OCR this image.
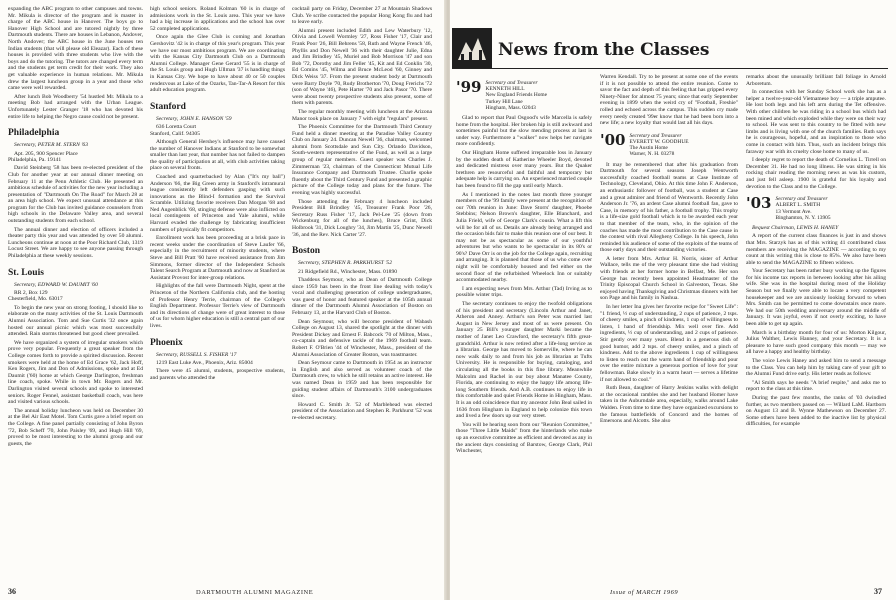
expanding the ABC program to other campuses and towns. Mr. Mikula is director of the program and is master in charge of the ABC house in Hanover. The boys go to Hanover High School and are tutored nightly by three Dartmouth students. There are houses in Lebanon, Andover, North Andover; the ABC house in the June houses ten Indian students (that will please old Eleazar). Each of these houses is provided with three students who live with the boys and do the tutoring. The tutors are changed every term and the students get term credit for their work. They also get valuable experience in human relations. Mr. Mikula drew the largest luncheon group in a year and those who came were well rewarded.

After lunch Bob Woodberry '54 hustled Mr. Mikula to a meeting Bob had arranged with the Urban League. Unfortunately Lester Granger '18 who has devoted his entire life to helping the Negro cause could not be present.

Philadelphia

Secretary, PETER M. STERN '63

Apt. 205, 900 Spencer Place
Philadelphia, Pa. 19141

David Steinberg '58 has been re-elected president of the Club for another year at our annual dinner meeting on February 11 at the Penn Athletic Club. He presented an ambitious schedule of activities for the new year including a presentation of "Dartmouth On The Road" for March 28 at an area high school. We expect unusual attendance at this program for the Club has invited guidance counselors from high schools in the Delaware Valley area, and several outstanding students from each school.

The annual dinner and election of officers included a theater party this year and was attended by over 50 alumni. Luncheons continue at noon at the Poor Richard Club, 1319 Locust Street. We are happy to see anyone passing through Philadelphia at these weekly sessions.

St. Louis

Secretary, EDWARD W. DAUMIT '60

RR 2, Box 129
Chesterfield, Mo. 63017

To begin the new year on strong footing, I should like to elaborate on the many activities of the St. Louis Dartmouth Alumni Association. Tom and Sue Curtis '32 once again hosted our annual picnic which was most successfully attended. Rain storms threatened but good cheer prevailed.

We have organized a system of irregular smokers which prove very popular. Frequently a great speaker from the College comes forth to provide a spirited discussion. Recent smokers were held at the home of Ed Grace '62, Jack Hoff, Ken Rogers, Jim and Don of Admissions, spoke and at Ed Daumit ('60) home at which George Darlington, freshman line coach, spoke. While in town Mr. Rogers and Mr. Darlington visited several schools and spoke to interested seniors. Roger Fennel, assistant basketball coach, was here and visited various schools.

The annual holiday luncheon was held on December 30 at the Bel Air East Motel. Tom Curtis gave a brief report on the College. A fine panel partially consisting of John Byron '72, Bob Scheff '70, John Paisley '69, and Hugh Hill '69, proved to be most interesting to the alumni group and our guests, the

high school seniors. Roland Kolman '60 is in charge of admissions work in the St. Louis area. This year we have had a big increase in applications and the school has over 52 completed applications.

Once again the Glee Club is coming and Jonathan Gershovitz '42 is in charge of this year's program. This year we have our most ambitious program. We are coordinating with the Kansas City Dartmouth Club on a Dartmouth Alumni College. Manager Gene Gerard '55 is in charge of the St. Louis group and Hugh Ullman '37 is handling things in Kansas City. We hope to have about 40 or 50 couples rendezvous at Lake of the Ozarks, Tan-Tar-A Resort for this adult education program.

Stanford

Secretary, JOHN E. HANSON '59

636 Loretta Court
Stanford, Calif. 94305

Although General Hershey's influence may have caused the number of Hanover Indians at Stanford to be somewhat smaller than last year, that number has not failed to dampen the quality of participation at all, with club activities taking place on several fronts.

Coached and quarterbacked by Alan ("It's my ball") Anderson '66, the Big Green army in Stanford's intramural league consistently left defenders gasping with such innovations as the Blind-I formation and the Survival Scramble. Utilizing favorite receivers Dan Morgan '68 and Ned Augenblick '68, stinging defense were also inflicted on local contingents of Princeton and Yale alumni, while Harvard evaded the challenge by fabricating insufficient numbers of physically fit competitors.

Enrollment work has been proceeding at a brisk pace in recent weeks under the coordination of Steve Laufer '66, especially in the recruitment of minority students, where Steve and Bill Pratt '60 have received assistance from Jim Simmons, former director of the Independent Schools Talent Search Program at Dartmouth and now at Stanford as Assistant Provost for inter-group relations.

Highlights of the fall were Dartmouth Night, spent at the Princeton of the Northern California club, and the hosting of Professor Henry Terrie, chairman of the College's English Department. Professor Terrie's view of Dartmouth and its directions of change were of great interest to those of us for whom higher education is still a central part of our lives.

Phoenix

Secretary, RUSSELL S. FISHER '17

1219 East Luke Ave., Phoenix, Ariz. 85004

There were 45 alumni, students, prospective students, and parents who attended the

cocktail party on Friday, December 27 at Mountain Shadows Club. Ye scribe contacted the popular Hong Kong flu and had to leave early.

Alumni present included Edith and Lew Waterbury '12, Olivia and Lowell Wormley '27, Ross Fisher '17, Clair and Frank Poor '26, Bill Behrens '58, Ruth and Wayne French '46, Phyllis and Don Newell '36 with their daughter Julie, Edna and Jim Brindley '45, Muriel and Bob Morrison '47 and son Bob '72, Dorothy and Jim Feller '45, Kit and Ed Conklin '30, Ed Comins '45, Wilma and Bruce McLeod '60, Ginney and Dick Weiss '37. From the present student body at Dartmouth were Barry Doyle '70, Rudy Brotherton '70, Doug Frerichs '72 (son of Wayne '46), Pete Harter '70 and Jack Pasor '70. There were about twenty prospective students also present, some of them with parents.

The regular monthly meeting with luncheon at the Arizona Manor took place on January 7 with eight "regulars" present.

The Phoenix Committee for the Dartmouth Third Century Fund held a dinner meeting at the Paradise Valley Country Club on January 24. Duncan Newell '36, chairman, welcomed alumni from Scottsdale and Sun City. Orlando Davidson, South-western representative of the Fund, as well as a large group of regular members. Guest speaker was Charles J. Zimmerman '23, chairman of the Connecticut Mutual Life Insurance Company and Dartmouth Trustee. Charlie spoke fluently about the Third Century Fund and presented a graphic picture of the College today and plans for the future. The evening was highly successful.

Those attending the February 4 luncheon included President Bill Brindley '45, Treasurer Frank Poor '26, Secretary Russ Fisher '17, Jack Pel-Lee '25 (down from Wickenburg for all of the lunches), Bruce Grint, Dick Holbrook '31, Dick Loughry '34, Jim Martin '25, Dunc Newell '36, and the Rev. Nick Carter '27.

Boston

Secretary, STEPHEN R. PARKHURST '52

21 Ridgefield Rd., Winchester, Mass. 01890

Thaddeus Seymour, who as Dean of Dartmouth College since 1959 has been in the front line dealing with today's vocal and challenging generation of college undergraduates, was guest of honor and featured speaker at the 105th annual dinner of the Dartmouth Alumni Association of Boston on February 13, at the Harvard Club of Boston.

Dean Seymour, who will become president of Wabash College on August 13, shared the spotlight at the dinner with President Dickey and Ernest F. Babcock '70 of Milton, Mass., co-captain and defensive tackle of the 1969 football team. Robert F. O'Brien '44 of Winchester, Mass., president of the Alumni Association of Greater Boston, was toastmaster.

Dean Seymour came to Dartmouth in 1954 as an instructor in English and also served as volunteer coach of the Dartmouth crew, to which he still retains an active interest. He was named Dean in 1959 and has been responsible for guiding student affairs of Dartmouth's 3100 undergraduates since.

Howard C. Smith Jr. '52 of Marblehead was elected president of the Association and Stephen R. Parkhurst '52 was re-elected secretary.

36	DARTMOUTH ALUMNI MAGAZINE
News from the Classes
'99 Secretary and Treasurer
KENNETH HILL
New England Friends Home
Turkey Hill Lane
Hingham, Mass. 02043

Glad to report that Paul Osgood's wife Marcella is safely home from the hospital. Her broken hip is still awkward and sometimes painful but the slow mending process at last is under way. Furthermore a "walker" now helps her navigate more confidently.

Our Hingham Home suffered irreparable loss in January by the sudden death of Katherine Wheeler Boyd, devoted and dedicated mistress over many years. But the Quaker brethren are resourceful and faithful and temporary but adequate help is carrying on. An experienced married couple has been found to fill the gap until early March.

As I mentioned in the notes last month three younger members of the '99 family were present at the recognition of our 70th reunion in June: Dave Storrs' daughter, Phoebe Stebbins; Nelson Brown's daughter, Elle Blanchard, and Julia Frield, wife of George Clark's cousin. What a lift this will be for all of us. Details are already being arranged and the occasion bids fair to make this reunion one of our best. It may not be as spectacular as some of our youthful adventures but who wants to be spectacular in its 80's or 90's? Dave Orr is on the job for the College again, recruiting and arranging. It is planned that those of us who come over night will be comfortably housed and fed either on the second floor of the refurbished Wheelock Inn or suitably accommodated nearby.

I am expecting news from Mrs. Arthur (Tad) Irving as to possible winter trips.

The secretary continues to enjoy the twofold obligations of his president and secretary (Lincoln Arthur and Janet, Atheron and Anney. Arthur's son Peter was married last August in New Jersey and most of us were present. On January 25 Bill's younger daughter Marki became the mother of Janet Leo Crawford, the secretary's fifth great-grandchild. Arthur is now retired after a life-long service as a librarian. George has moved to Somerville, where he can now walk daily to and from his job as librarian at Tufts University. He is responsible for buying, cataloging, and circulating all the books in this fine library. Meanwhile Malcolm and Rachel in our boy about Manatee County, Florida, are continuing to enjoy the happy life among life-long Southern friends. And A.B. continues to enjoy life in this comfortable and quiet Friends Home in Hingham, Mass. It is an odd coincidence that my ancestor John Beal sailed in 1636 from Hingham in England to help colonize this town and lived a few doors up our very street.

You will be hearing soon from our "Reunion Committee," those "Three Little Maids" from the hinterlands who make up an executive committee as efficient and devoted as any in the ancient days consisting of Barstow, George Clark, Phil Winchester,

Warren Kendall. Try to be present at some one of the events if it is not possible to attend the entire reunion. Come to savor the fact and depth of this feeling that has gripped every Ninety-Niner for almost 75 years; since that early September evening in 1899 when the weird cry of "Football, Freshie" rolled and echoed across the campus. This sudden cry made every needy created '99er know that he had been born into a new life; a new loyalty that would last all his days.

'00 Secretary and Treasurer
EVERETT W. GOODHUE
The Austin Home
Warner, N. H. 03278

It may be remembered that after his graduation from Dartmouth for several seasons Joseph Wentworth successfully coached football teams at Case Institute of Technology, Cleveland, Ohio. At this time John F. Anderson, an enthusiastic follower of football, was a student at Case and a great admirer and friend of Wentworth. Recently John Anderson Jr. '76, an ardent Case alumni football fan, gave to Case, in memory of his father, a football trophy. This trophy is a life-size gold football which is to be awarded each year to that member of the team, who, in the opinion of the coaches has made the most contribution to the Case cause in the contest with rival Allegheny College. In his speech, John reminded his audience of some of the exploits of the teams of those early days and their outstanding victories.

A letter from Mrs. Arthur H. Norris, sister of Arthur Wallace, tells me of the very pleasant time she had visiting with friends at her former home in Belfast, Me. Her son George has recently been appointed Headmaster of the Trinity Episcopal Church School in Galveston, Texas. She enjoyed having Thanksgiving and Christmas dinners with her son Page and his family in Nashua.

In her letter Ina gives her favorite recipe for "Sweet Life": "1 friend, ½ cup of understanding, 2 cups of patience, 2 tsps. of cheery smiles, a pinch of kindness, 1 cup of willingness to listen, 1 hand of friendship. Mix well over fire. Add ingredients, ½ cup of understanding, and 2 cups of patience. Stir gently over many years. Blend in a generous dish of good humor, add 2 tsps. of cheery smiles, and a pinch of kindness. Add to the above ingredients 1 cup of willingness to listen to reach out the warm hand of friendship and pour over the entire mixture a generous portion of love for your fellowman. Bake slowly in a warm heart — serves a lifetime if not allowed to cool."

Ruth Bean, daughter of Harry Jenkins walks with delight at the occasional rambles she and her husband Homer have taken in the Auburndale area, especially, walks around Lake Walden. From time to time they have organized excursions to the famous battlefields of Concord and the homes of Emersons and Alcotts. She also

remarks about the unusually brilliant fall foliage in Arnold Arboretum.

In connection with her Sunday School work she has as a helper a twelve-year-old Vietnamese boy — a triple amputee. He lost both legs and his left arm during the Tet offensive. With other children he was riding in a school bus which had been mined and which exploded while they were on their way to school. He was sent to this country to be fitted with new limbs and is living with one of the church families. Ruth says he is courageous, hopeful, and an inspiration to those who come in contact with him. Thus, such an incident brings this faraway war with its cruelty close home to many of us.

I deeply regret to report the death of Cornelius L. Tirrell on December 31. He had no long illness. He was sitting in his rocking chair reading the morning news as was his custom, and just fell asleep. 1900 is grateful for his loyalty and devotion to the Class and to the College.

'03 Secretary and Treasurer
ALBERT L. SMITH
13 Vermont Ave.
Binghamton, N. Y. 13905

Bequest Chairman, LEWIS H. HANEY

A report of the current class finances is just in and shows that Mrs. Starzyk has as of this writing 41 contributed class members are receiving the MAGAZINE — according to my count at this writing this is close to 85%. We also have been able to send the MAGAZINE to fifteen widows.

Your Secretary has been rather busy working up the figures for his income tax reports in between looking after his ailing wife. She was in the hospital during most of the Holiday Season but we finally were able to locate a very competent housekeeper and we are anxiously looking forward to when Mrs. Smith can be permitted to come downstairs once more. We had our 50th wedding anniversary around the middle of January. It was joyful, even if not overly exciting, to have been able to get up again.

March is a birthday month for four of us: Morton Kilgour, Julius Walther, Lewis Hanney, and your Secretary. It is a pleasure to have such good company this month — may we all have a happy and healthy birthday.

The voice Lewis Haney and asked him to send a message to the Class. You can help him by taking care of your gift to the Alumni Fund drive early. His letter reads as follows:

"Al Smith says he needs "A brief respite," and asks me to report to the class at this time.

During the past few months, the ranks of '03 dwindled further, as two members passed on — Willard LaM. Hartborn on August 13 and B. Wynne Mathewson on December 27. Some others have been added to the inactive list by physical difficulties, for example

Issue of MARCH 1969	37
